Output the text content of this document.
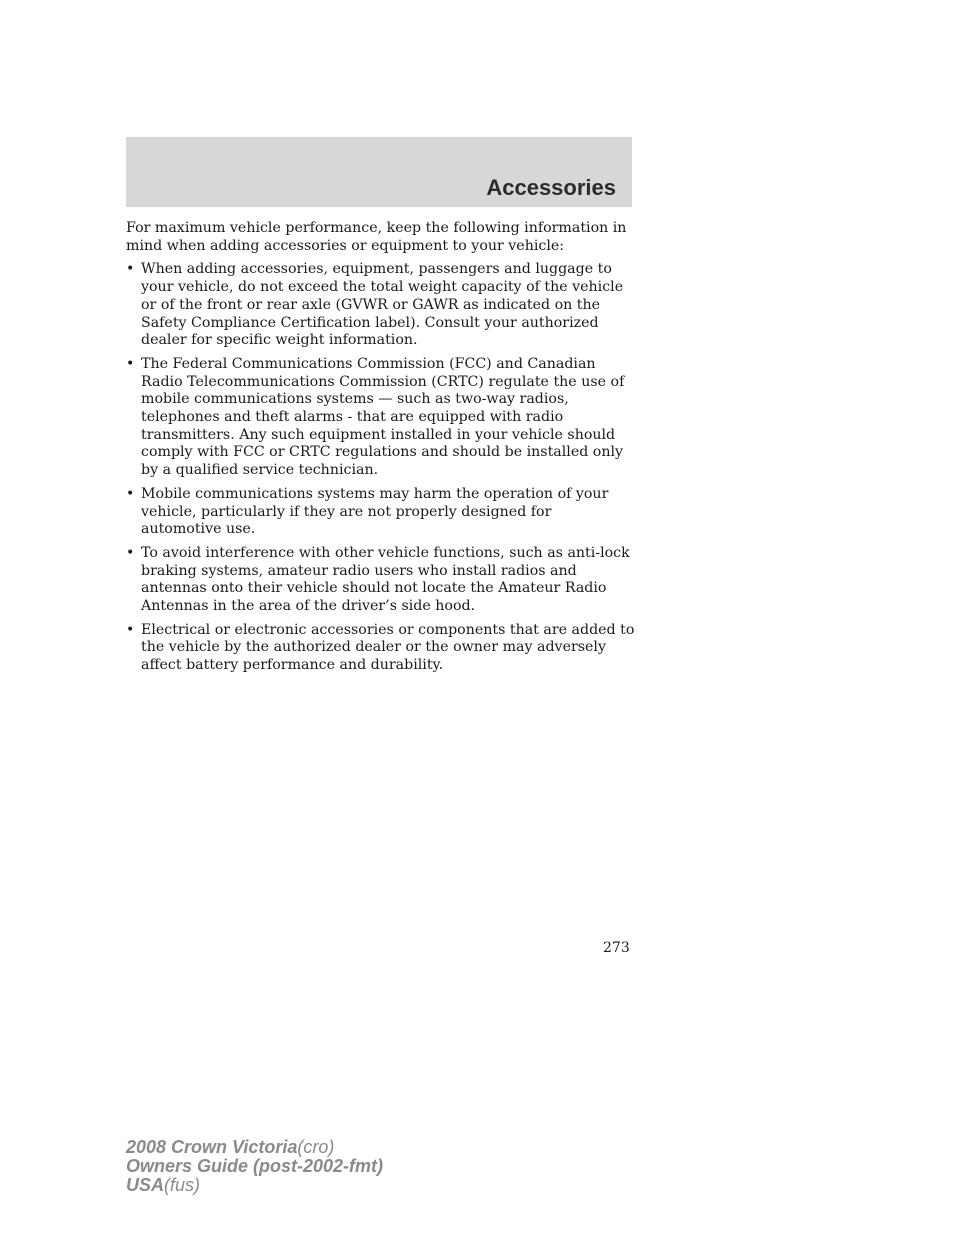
Accessories

For maximum vehicle performance, keep the following information in mind when adding accessories or equipment to your vehicle:

• When adding accessories, equipment, passengers and luggage to your vehicle, do not exceed the total weight capacity of the vehicle or of the front or rear axle (GVWR or GAWR as indicated on the Safety Compliance Certification label). Consult your authorized dealer for specific weight information.
• The Federal Communications Commission (FCC) and Canadian Radio Telecommunications Commission (CRTC) regulate the use of mobile communications systems — such as two-way radios, telephones and theft alarms - that are equipped with radio transmitters. Any such equipment installed in your vehicle should comply with FCC or CRTC regulations and should be installed only by a qualified service technician.
• Mobile communications systems may harm the operation of your vehicle, particularly if they are not properly designed for automotive use.
• To avoid interference with other vehicle functions, such as anti-lock braking systems, amateur radio users who install radios and antennas onto their vehicle should not locate the Amateur Radio Antennas in the area of the driver’s side hood.
• Electrical or electronic accessories or components that are added to the vehicle by the authorized dealer or the owner may adversely affect battery performance and durability.
273
2008 Crown Victoria(cro)
Owners Guide (post-2002-fmt)
USA(fus)
